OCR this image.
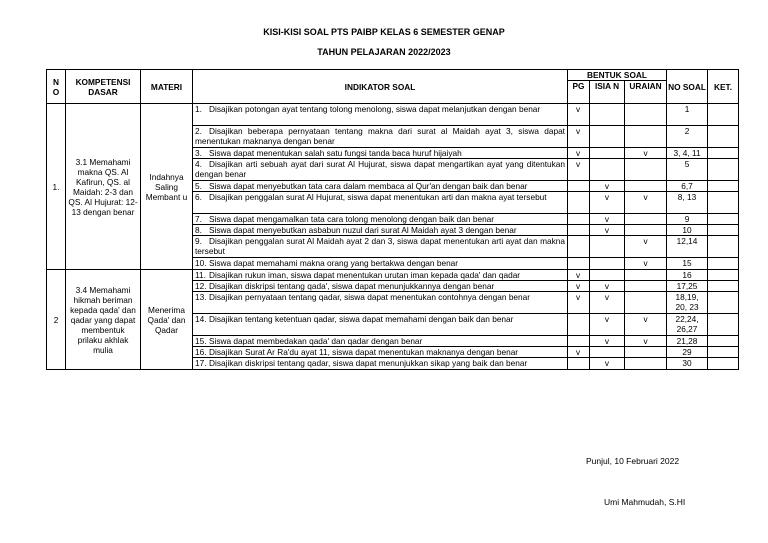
KISI-KISI SOAL PTS PAIBP KELAS 6 SEMESTER GENAP
TAHUN PELAJARAN 2022/2023
N
O	KOMPETENSI DASAR	MATERI	INDIKATOR SOAL	BENTUK SOAL			NO SOAL	KET.
				PG	ISIA N	URAIAN		
1.	3.1 Memahami makna QS. Al Kafirun, QS. al Maidah: 2-3 dan QS. Al Hujurat: 12-13 dengan benar	Indahnya Saling Membant u	1. Disajikan potongan ayat tentang tolong menolong, siswa dapat melanjutkan dengan benar	v			1	
			2. Disajikan beberapa pernyataan tentang makna dari surat al Maidah ayat 3, siswa dapat menentukan maknanya dengan benar	v			2	
			3. Siswa dapat menentukan salah satu fungsi tanda baca huruf hijaiyah	v		v	3, 4, 11	
			4. Disajikan arti sebuah ayat dari surat Al Hujurat, siswa dapat mengartikan ayat yang ditentukan dengan benar	v			5	
			5. Siswa dapat menyebutkan tata cara dalam membaca al Qur'an dengan baik dan benar		v		6,7	
			6. Disajikan penggalan surat Al Hujurat, siswa dapat menentukan arti dan makna ayat tersebut		v	v	8, 13	
			7. Siswa dapat mengamalkan tata cara tolong menolong dengan baik dan benar		v		9	
			8. Siswa dapat menyebutkan asbabun nuzul dari surat Al Maidah ayat 3 dengan benar		v		10	
			9. Disajikan penggalan surat Al Maidah ayat 2 dan 3, siswa dapat menentukan arti ayat dan makna tersebut			v	12,14	
			10. Siswa dapat memahami makna orang yang bertakwa dengan benar			v	15	
2	3.4 Memahami hikmah beriman kepada qada' dan qadar yang dapat membentuk prilaku akhlak mulia	Menerima Qada' dan Qadar	11. Disajikan rukun iman, siswa dapat menentukan urutan iman kepada qada' dan qadar	v			16	
			12. Disajikan diskripsi tentang qada', siswa dapat menunjukkannya dengan benar	v	v		17,25	
			13. Disajikan pernyataan tentang qadar, siswa dapat menentukan contohnya dengan benar	v	v		18,19, 20, 23	
			14. Disajikan tentang ketentuan qadar, siswa dapat memahami dengan baik dan benar		v	v	22,24, 26,27	
			15. Siswa dapat membedakan qada' dan qadar dengan benar		v	v	21,28	
			16. Disajikan Surat Ar Ra'du ayat 11, siswa dapat menentukan maknanya dengan benar	v			29	
			17. Disajikan diskripsi tentang qadar, siswa dapat menunjukkan sikap yang baik dan benar		v		30	
Punjul, 10 Februari 2022
Umi Mahmudah, S.HI
